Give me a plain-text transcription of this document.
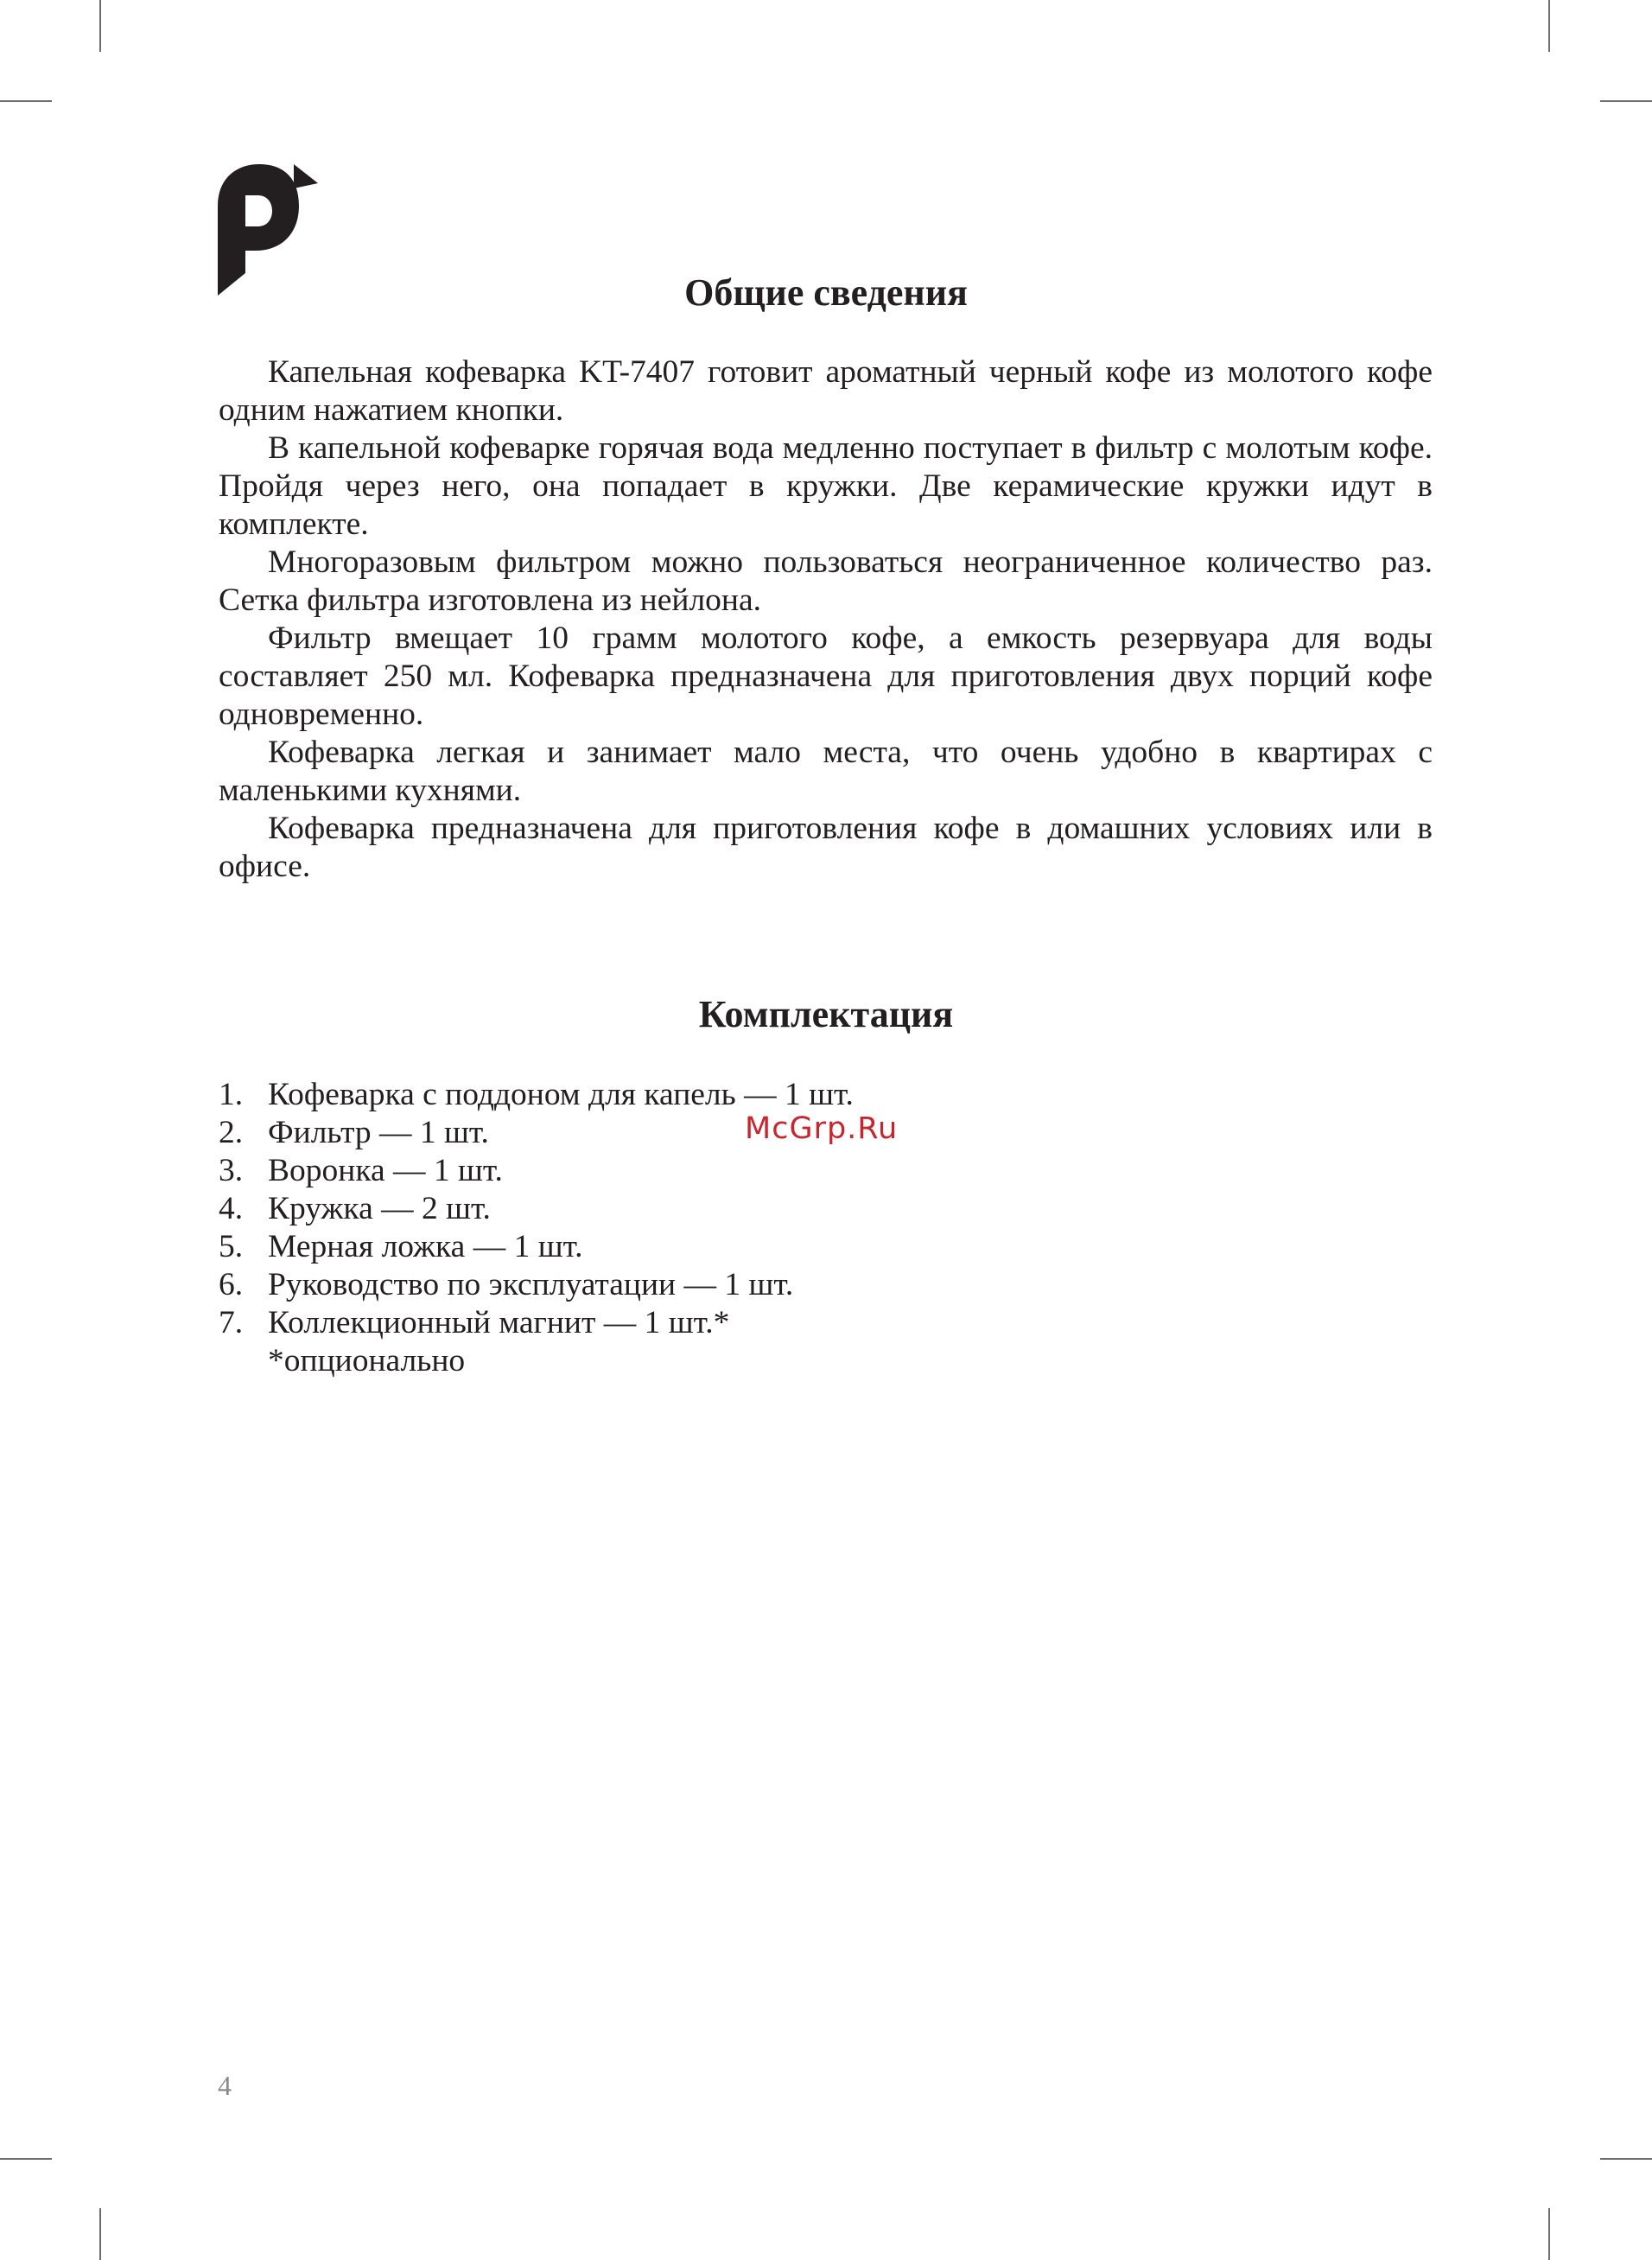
Общие сведения

Капельная кофеварка KT-7407 готовит ароматный черный кофе из молотого кофе одним нажатием кнопки.

В капельной кофеварке горячая вода медленно поступает в фильтр с молотым кофе. Пройдя через него, она попадает в кружки. Две керамические кружки идут в комплекте.

Многоразовым фильтром можно пользоваться неограниченное количество раз. Сетка фильтра изготовлена из нейлона.

Фильтр вмещает 10 грамм молотого кофе, а емкость резервуара для воды составляет 250 мл. Кофеварка предназначена для приготовления двух порций кофе одновременно.

Кофеварка легкая и занимает мало места, что очень удобно в квартирах с маленькими кухнями.

Кофеварка предназначена для приготовления кофе в домашних условиях или в офисе.

Комплектация
1. Кофеварка с поддоном для капель — 1 шт.
2. Фильтр — 1 шт.
3. Воронка — 1 шт.
4. Кружка — 2 шт.
5. Мерная ложка — 1 шт.
6. Руководство по эксплуатации — 1 шт.
7. Коллекционный магнит — 1 шт.*
*опционально
McGrp.Ru
4
